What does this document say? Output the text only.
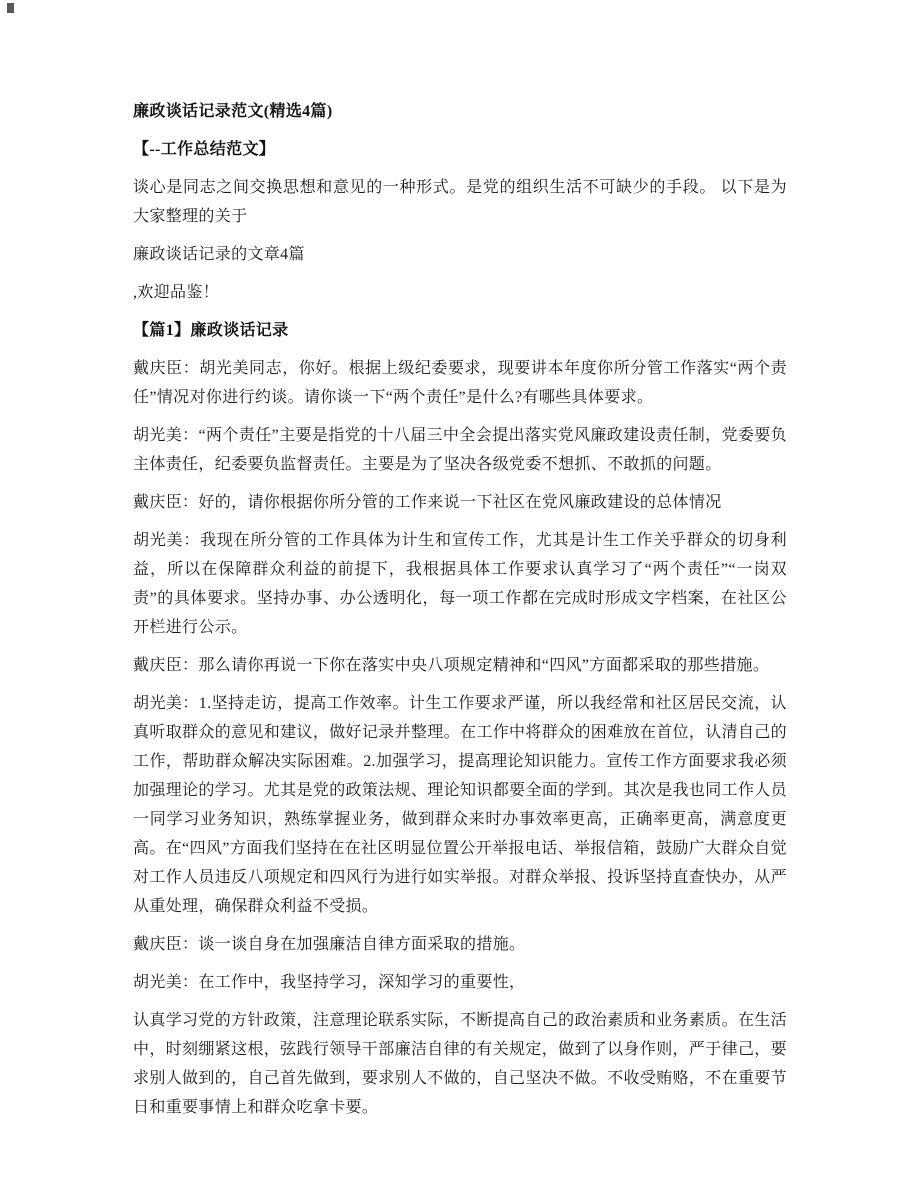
廉政谈话记录范文(精选4篇)

【--工作总结范文】

谈心是同志之间交换思想和意见的一种形式。是党的组织生活不可缺少的手段。 以下是为大家整理的关于

廉政谈话记录的文章4篇

,欢迎品鉴！

【篇1】廉政谈话记录

戴庆臣：胡光美同志，你好。根据上级纪委要求，现要讲本年度你所分管工作落实“两个责任”情况对你进行约谈。请你谈一下“两个责任”是什么?有哪些具体要求。

胡光美：“两个责任”主要是指党的十八届三中全会提出落实党风廉政建设责任制，党委要负主体责任，纪委要负监督责任。主要是为了坚决各级党委不想抓、不敢抓的问题。

戴庆臣：好的，请你根据你所分管的工作来说一下社区在党风廉政建设的总体情况

胡光美：我现在所分管的工作具体为计生和宣传工作，尤其是计生工作关乎群众的切身利益，所以在保障群众利益的前提下，我根据具体工作要求认真学习了“两个责任”“一岗双责”的具体要求。坚持办事、办公透明化，每一项工作都在完成时形成文字档案，在社区公开栏进行公示。

戴庆臣：那么请你再说一下你在落实中央八项规定精神和“四风”方面都采取的那些措施。

胡光美：1.坚持走访，提高工作效率。计生工作要求严谨，所以我经常和社区居民交流，认真听取群众的意见和建议，做好记录并整理。在工作中将群众的困难放在首位，认清自己的工作，帮助群众解决实际困难。2.加强学习，提高理论知识能力。宣传工作方面要求我必须加强理论的学习。尤其是党的政策法规、理论知识都要全面的学到。其次是我也同工作人员一同学习业务知识，熟练掌握业务，做到群众来时办事效率更高，正确率更高，满意度更高。在“四风”方面我们坚持在在社区明显位置公开举报电话、举报信箱，鼓励广大群众自觉对工作人员违反八项规定和四风行为进行如实举报。对群众举报、投诉坚持直查快办，从严从重处理，确保群众利益不受损。

戴庆臣：谈一谈自身在加强廉洁自律方面采取的措施。

胡光美：在工作中，我坚持学习，深知学习的重要性，

认真学习党的方针政策，注意理论联系实际，不断提高自己的政治素质和业务素质。在生活中，时刻绷紧这根，弦践行领导干部廉洁自律的有关规定，做到了以身作则，严于律己，要求别人做到的，自己首先做到，要求别人不做的，自己坚决不做。不收受贿赂，不在重要节日和重要事情上和群众吃拿卡要。
